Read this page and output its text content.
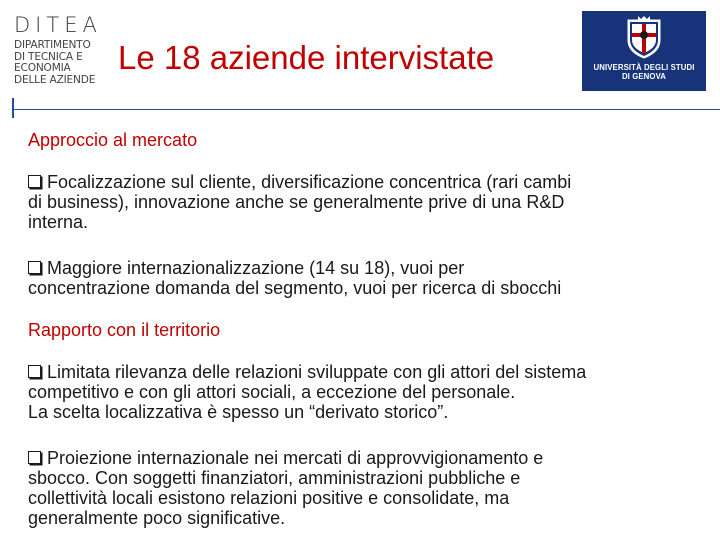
DITEA
DIPARTIMENTO
DI TECNICA E
ECONOMIA
DELLE AZIENDE
Le 18 aziende intervistate	UNIVERSITÀ DEGLI STUDI
DI GENOVA

Approccio al mercato

Focalizzazione sul cliente, diversificazione concentrica (rari cambi
di business), innovazione anche se generalmente prive di una R&D
interna.
Maggiore internazionalizzazione (14 su 18), vuoi per
concentrazione domanda del segmento, vuoi per ricerca di sbocchi

Rapporto con il territorio

Limitata rilevanza delle relazioni sviluppate con gli attori del sistema
competitivo e con gli attori sociali, a eccezione del personale.
La scelta localizzativa è spesso un “derivato storico”.
Proiezione internazionale nei mercati di approvvigionamento e
sbocco. Con soggetti finanziatori, amministrazioni pubbliche e
collettività locali esistono relazioni positive e consolidate, ma
generalmente poco significative.
